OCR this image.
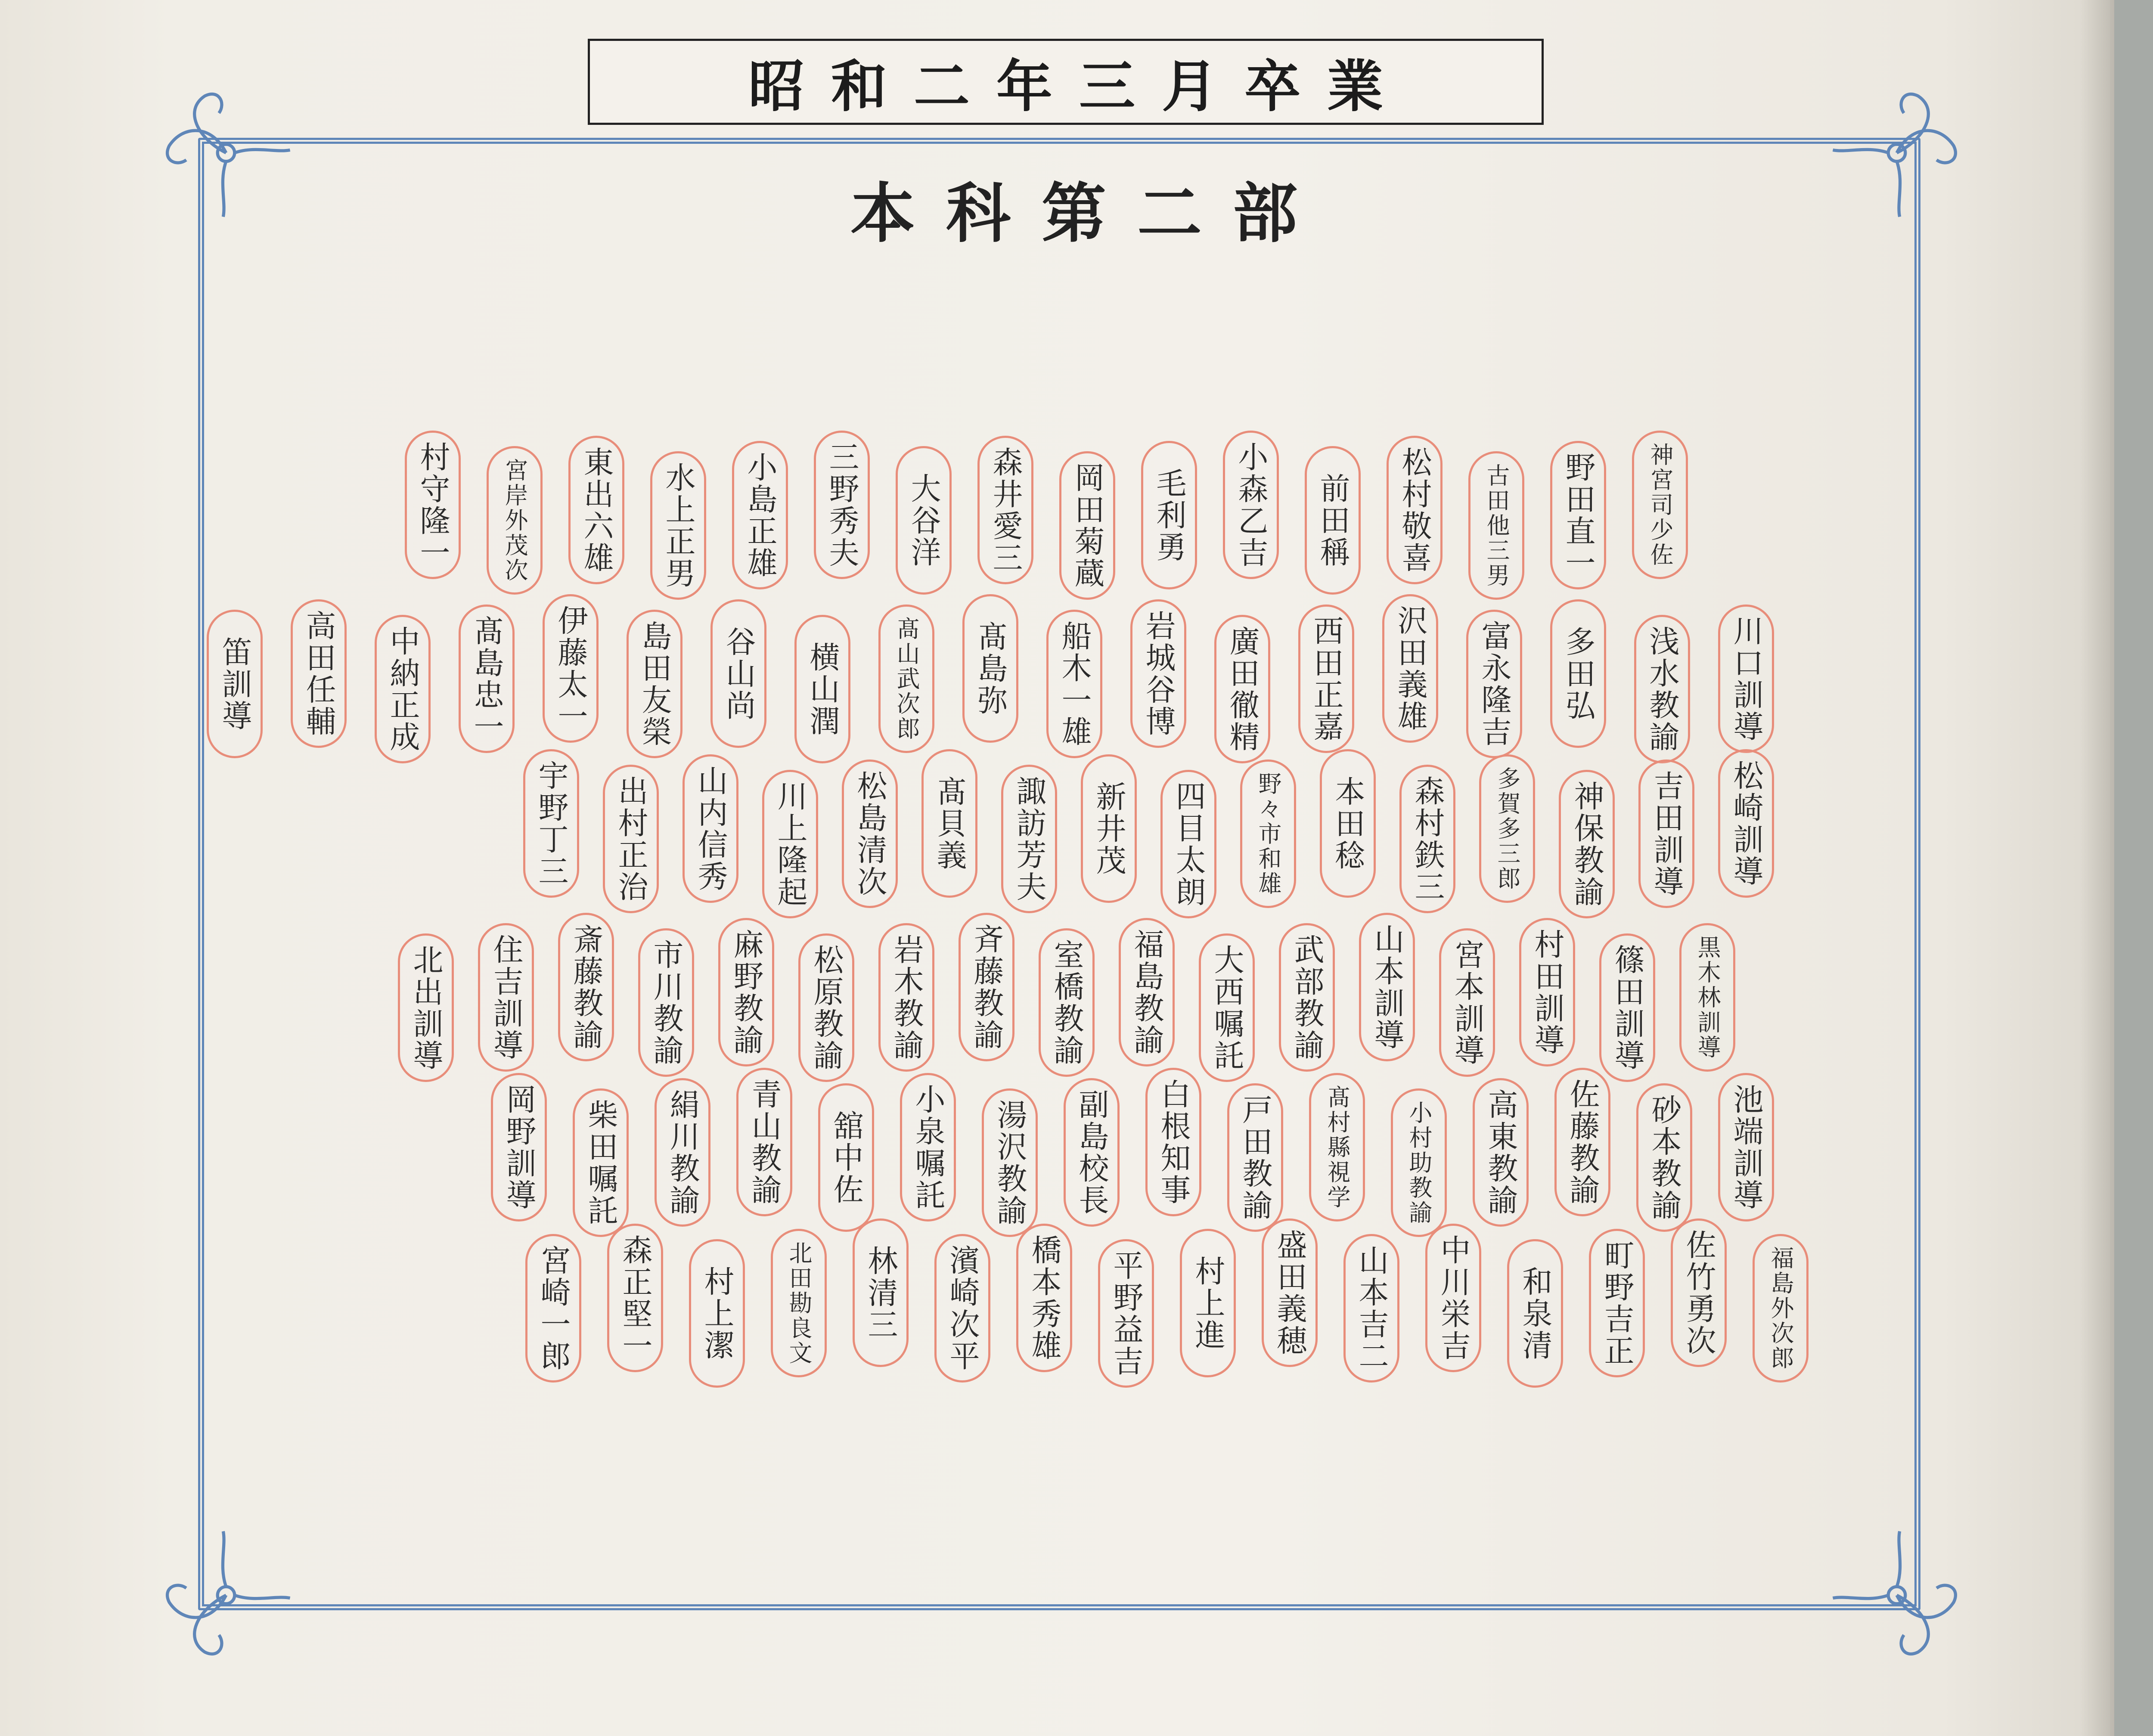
昭和二年三月卒業
本科第二部
神宮司少佐
野田直一
古田他三男
松村敬喜
前田稱
小森乙吉
毛利勇
岡田菊蔵
森井愛三
大谷洋
三野秀夫
小島正雄
水上正男
東出六雄
宮岸外茂次
村守隆一
川口訓導
浅水教諭
多田弘
富永隆吉
沢田義雄
西田正嘉
廣田徹精
岩城谷博
船木一雄
髙島弥
髙山武次郎
横山潤
谷山尚
島田友榮
伊藤太一
髙島忠一
中納正成
高田任輔
笛訓導
松崎訓導
吉田訓導
神保教諭
多賀多三郎
森村鉄三
本田稔
野々市和雄
四目太朗
新井茂
諏訪芳夫
髙貝義
松島清次
川上隆起
山内信秀
出村正治
宇野丁三
黒木林訓導
篠田訓導
村田訓導
宮本訓導
山本訓導
武部教諭
大西嘱託
福島教諭
室橋教諭
斉藤教諭
岩木教諭
松原教諭
麻野教諭
市川教諭
斎藤教諭
住吉訓導
北出訓導
池端訓導
砂本教諭
佐藤教諭
高東教諭
小村助教諭
髙村縣視学
戸田教諭
白根知事
副島校長
湯沢教諭
小泉嘱託
舘中佐
青山教諭
絹川教諭
柴田嘱託
岡野訓導
福島外次郎
佐竹勇次
町野吉正
和泉清
中川栄吉
山本吉二
盛田義穂
村上進
平野益吉
橋本秀雄
濱崎次平
林清三
北田勘良文
村上潔
森正堅一
宮崎一郎
